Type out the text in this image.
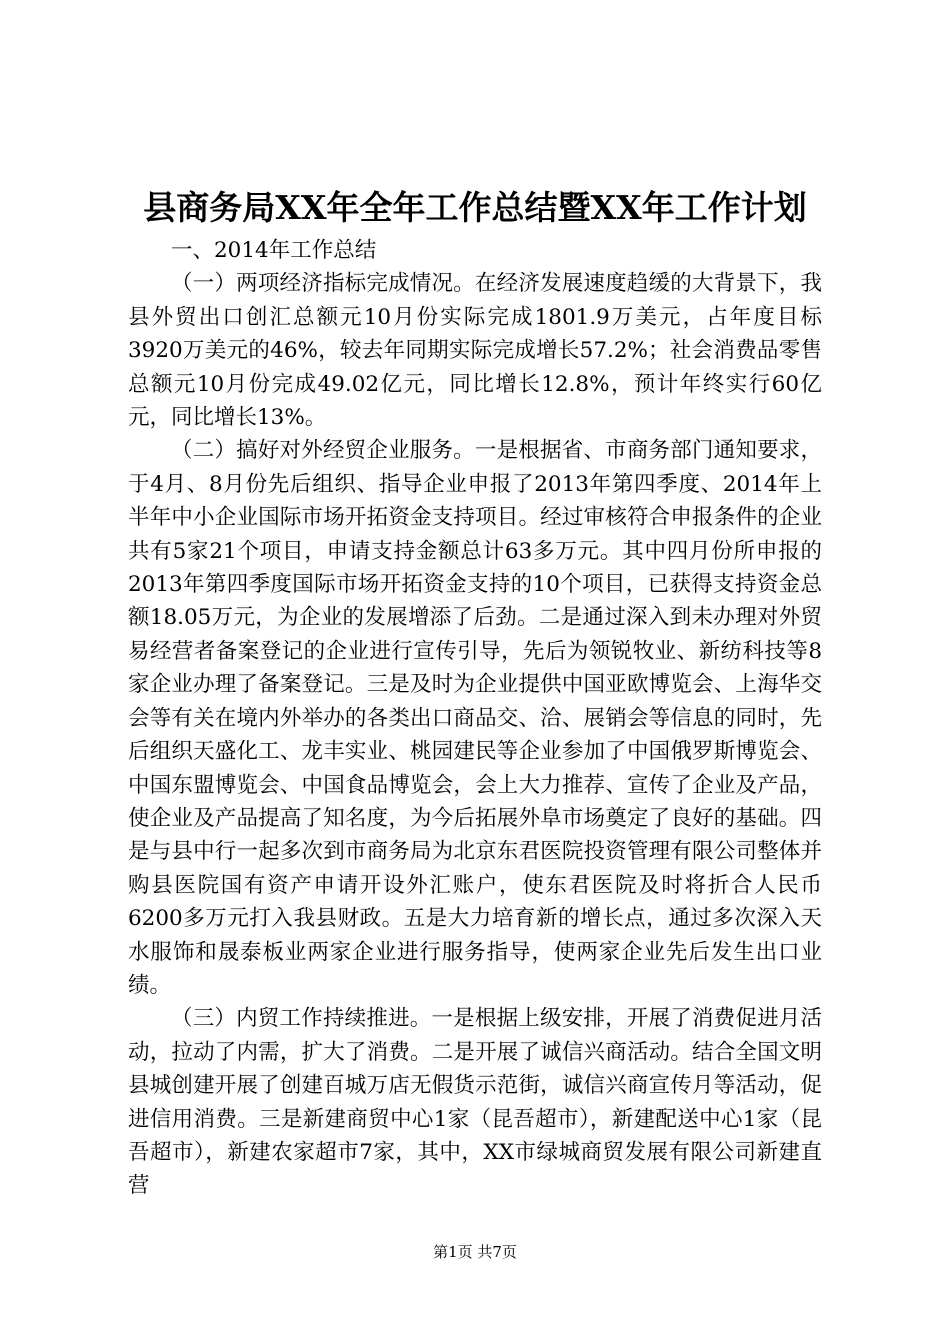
县商务局XX年全年工作总结暨XX年工作计划

一、2014年工作总结

（一）两项经济指标完成情况。在经济发展速度趋缓的大背景下，我县外贸出口创汇总额元10月份实际完成1801.9万美元，占年度目标3920万美元的46%，较去年同期实际完成增长57.2%；社会消费品零售总额元10月份完成49.02亿元，同比增长12.8%，预计年终实行60亿元，同比增长13%。

（二）搞好对外经贸企业服务。一是根据省、市商务部门通知要求，于4月、8月份先后组织、指导企业申报了2013年第四季度、2014年上半年中小企业国际市场开拓资金支持项目。经过审核符合申报条件的企业共有5家21个项目，申请支持金额总计63多万元。其中四月份所申报的2013年第四季度国际市场开拓资金支持的10个项目，已获得支持资金总额18.05万元，为企业的发展增添了后劲。二是通过深入到未办理对外贸易经营者备案登记的企业进行宣传引导，先后为领锐牧业、新纺科技等8家企业办理了备案登记。三是及时为企业提供中国亚欧博览会、上海华交会等有关在境内外举办的各类出口商品交、洽、展销会等信息的同时，先后组织天盛化工、龙丰实业、桃园建民等企业参加了中国俄罗斯博览会、中国东盟博览会、中国食品博览会，会上大力推荐、宣传了企业及产品，使企业及产品提高了知名度，为今后拓展外阜市场奠定了良好的基础。四是与县中行一起多次到市商务局为北京东君医院投资管理有限公司整体并购县医院国有资产申请开设外汇账户，使东君医院及时将折合人民币6200多万元打入我县财政。五是大力培育新的增长点，通过多次深入天水服饰和晟泰板业两家企业进行服务指导，使两家企业先后发生出口业绩。

（三）内贸工作持续推进。一是根据上级安排，开展了消费促进月活动，拉动了内需，扩大了消费。二是开展了诚信兴商活动。结合全国文明县城创建开展了创建百城万店无假货示范街，诚信兴商宣传月等活动，促进信用消费。三是新建商贸中心1家（昆吾超市），新建配送中心1家（昆吾超市），新建农家超市7家，其中，XX市绿城商贸发展有限公司新建直营

第1页 共7页
